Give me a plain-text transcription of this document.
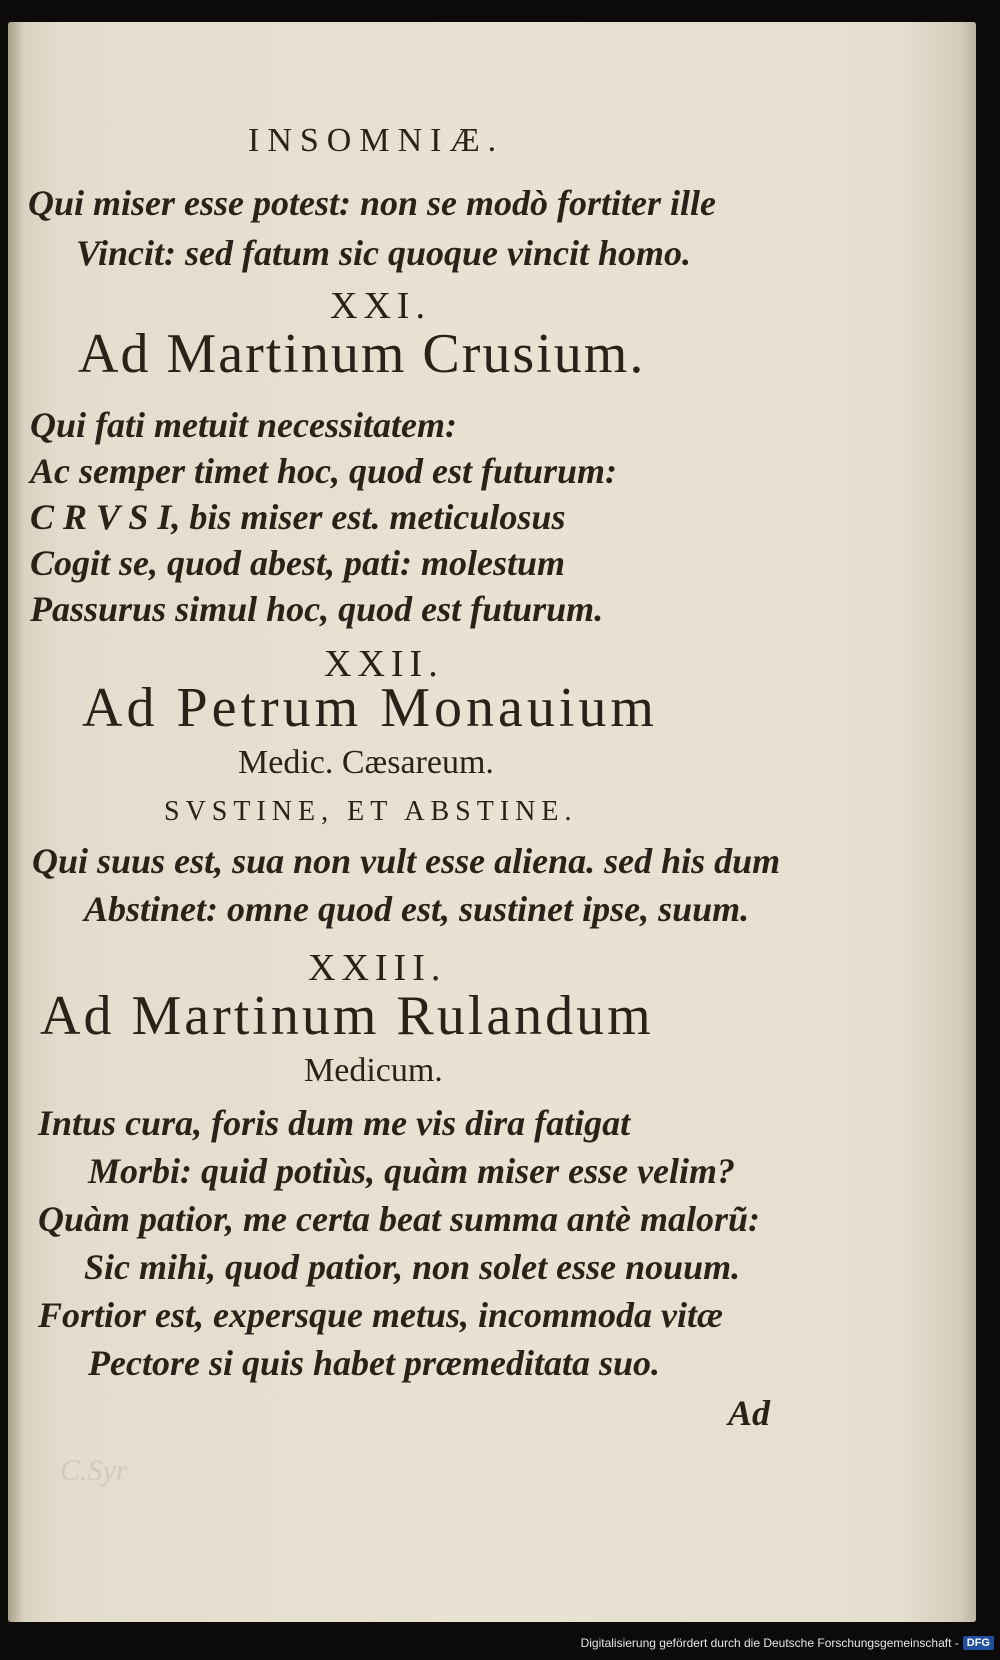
INSOMNIÆ.
Qui miser esse potest: non se modò fortiter ille
Vincit: sed fatum sic quoque vincit homo.
XXI.
Ad Martinum Crusium.
Qui fati metuit necessitatem:
Ac semper timet hoc, quod est futurum:
C R V S I, bis miser est. meticulosus
Cogit se, quod abest, pati: molestum
Passurus simul hoc, quod est futurum.
XXII.
Ad Petrum Monauium
Medic. Cæsareum.
SVSTINE, ET ABSTINE.
Qui suus est, sua non vult esse aliena. sed his dum
Abstinet: omne quod est, sustinet ipse, suum.
XXIII.
Ad Martinum Rulandum
Medicum.
Intus cura, foris dum me vis dira fatigat
Morbi: quid potiùs, quàm miser esse velim?
Quàm patior, me certa beat summa antè malorũ:
Sic mihi, quod patior, non solet esse nouum.
Fortior est, expersque metus, incommoda vitæ
Pectore si quis habet præmeditata suo.
Ad
C.Syr
Digitalisierung gefördert durch die Deutsche Forschungsgemeinschaft - DFG
